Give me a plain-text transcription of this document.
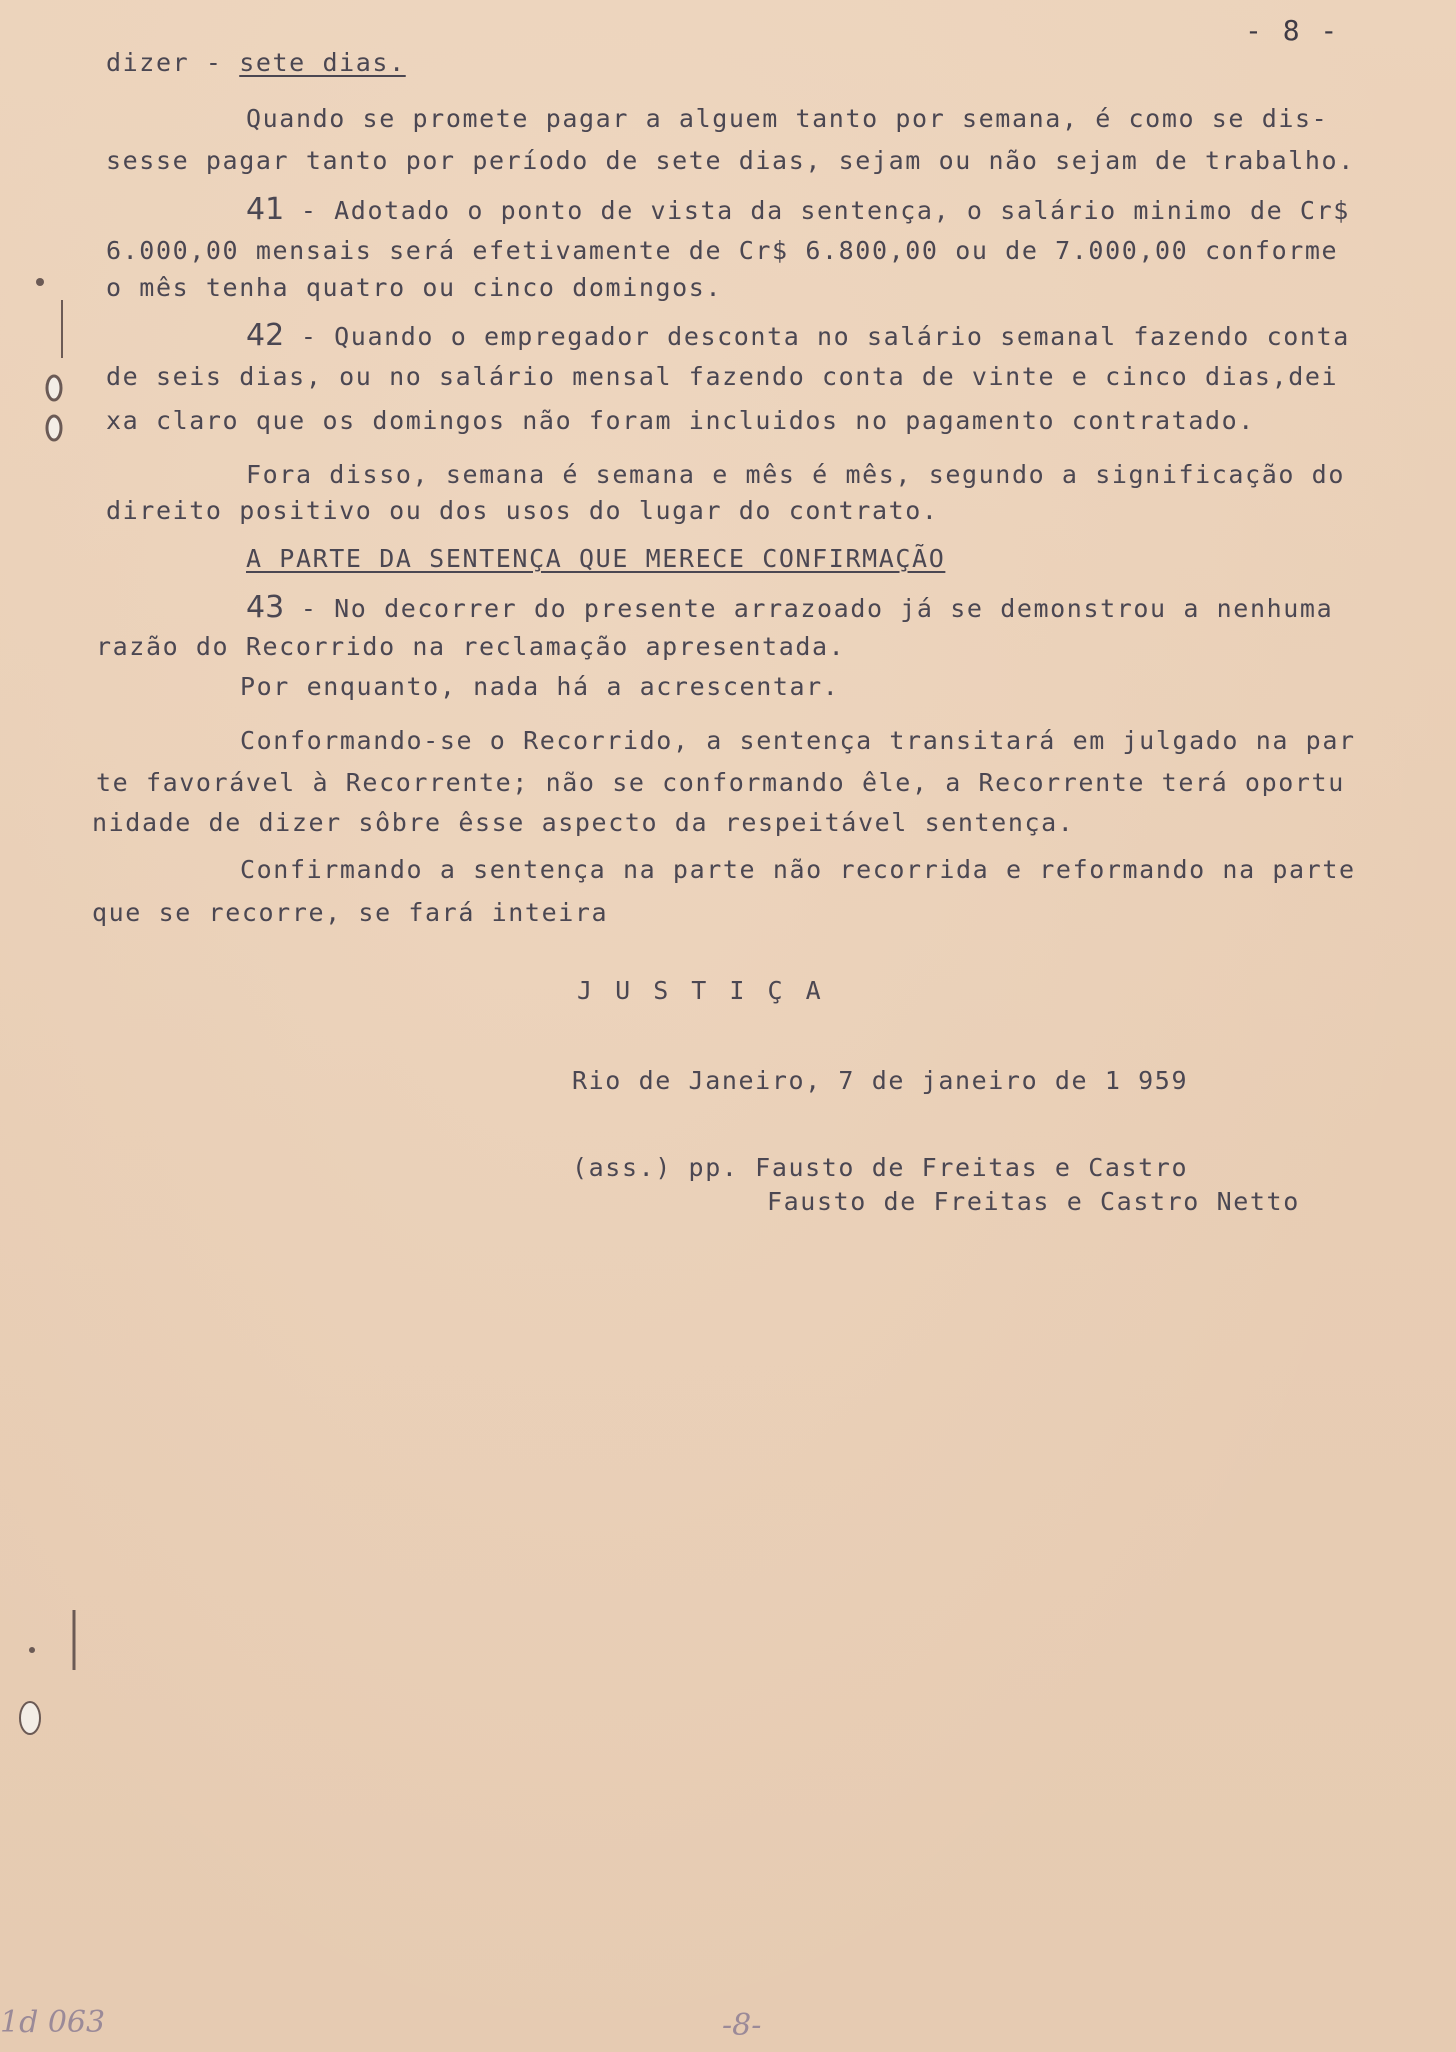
- 8 -
dizer - sete dias.
Quando se promete pagar a alguem tanto por semana, é como se dis-
sesse pagar tanto por período de sete dias, sejam ou não sejam de trabalho.
41 - Adotado o ponto de vista da sentença, o salário minimo de Cr$
6.000,00 mensais será efetivamente de Cr$ 6.800,00 ou de 7.000,00 conforme
o mês tenha quatro ou cinco domingos.
42 - Quando o empregador desconta no salário semanal fazendo conta
de seis dias, ou no salário mensal fazendo conta de vinte e cinco dias,dei
xa claro que os domingos não foram incluidos no pagamento contratado.
Fora disso, semana é semana e mês é mês, segundo a significação do
direito positivo ou dos usos do lugar do contrato.
A PARTE DA SENTENÇA QUE MERECE CONFIRMAÇÃO
43 - No decorrer do presente arrazoado já se demonstrou a nenhuma
razão do Recorrido na reclamação apresentada.
Por enquanto, nada há a acrescentar.
Conformando-se o Recorrido, a sentença transitará em julgado na par
te favorável à Recorrente; não se conformando êle, a Recorrente terá oportu
nidade de dizer sôbre êsse aspecto da respeitável sentença.
Confirmando a sentença na parte não recorrida e reformando na parte
que se recorre, se fará inteira
J U S T I Ç A
Rio de Janeiro, 7 de janeiro de 1 959
(ass.) pp. Fausto de Freitas e Castro
Fausto de Freitas e Castro Netto
1d 063	-8-
